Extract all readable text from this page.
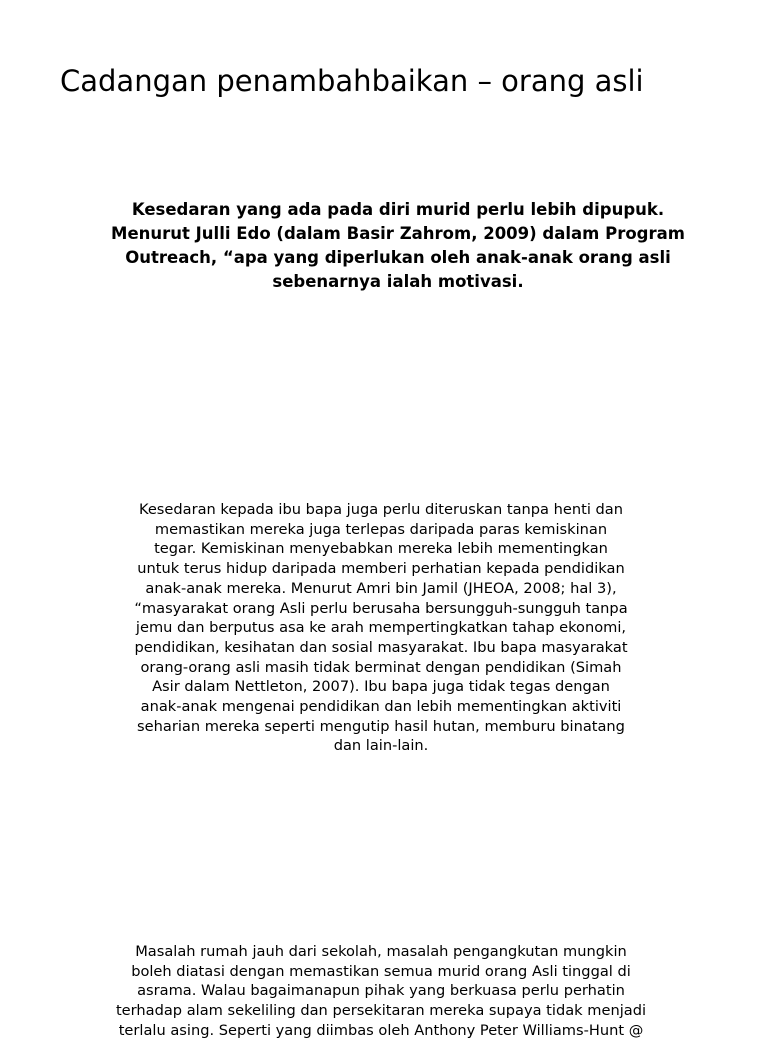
Cadangan penambahbaikan – orang asli
Kesedaran yang ada pada diri murid perlu lebih dipupuk.
Menurut Julli Edo (dalam Basir Zahrom, 2009) dalam Program
Outreach, “apa yang diperlukan oleh anak-anak orang asli
sebenarnya ialah motivasi.
Kesedaran kepada ibu bapa juga perlu diteruskan tanpa henti dan
memastikan mereka juga terlepas daripada paras kemiskinan
tegar. Kemiskinan menyebabkan mereka lebih mementingkan
untuk terus hidup daripada memberi perhatian kepada pendidikan
anak-anak mereka. Menurut Amri bin Jamil (JHEOA, 2008; hal 3),
“masyarakat orang Asli perlu berusaha bersungguh-sungguh tanpa
jemu dan berputus asa ke arah mempertingkatkan tahap ekonomi,
pendidikan, kesihatan dan sosial masyarakat. Ibu bapa masyarakat
orang-orang asli masih tidak berminat dengan pendidikan (Simah
Asir dalam Nettleton, 2007). Ibu bapa juga tidak tegas dengan
anak-anak mengenai pendidikan dan lebih mementingkan aktiviti
seharian mereka seperti mengutip hasil hutan, memburu binatang
dan lain-lain.
Masalah rumah jauh dari sekolah, masalah pengangkutan mungkin
boleh diatasi dengan memastikan semua murid orang Asli tinggal di
asrama. Walau bagaimanapun pihak yang berkuasa perlu perhatin
terhadap alam sekeliling dan persekitaran mereka supaya tidak menjadi
terlalu asing. Seperti yang diimbas oleh Anthony Peter Williams-Hunt @
